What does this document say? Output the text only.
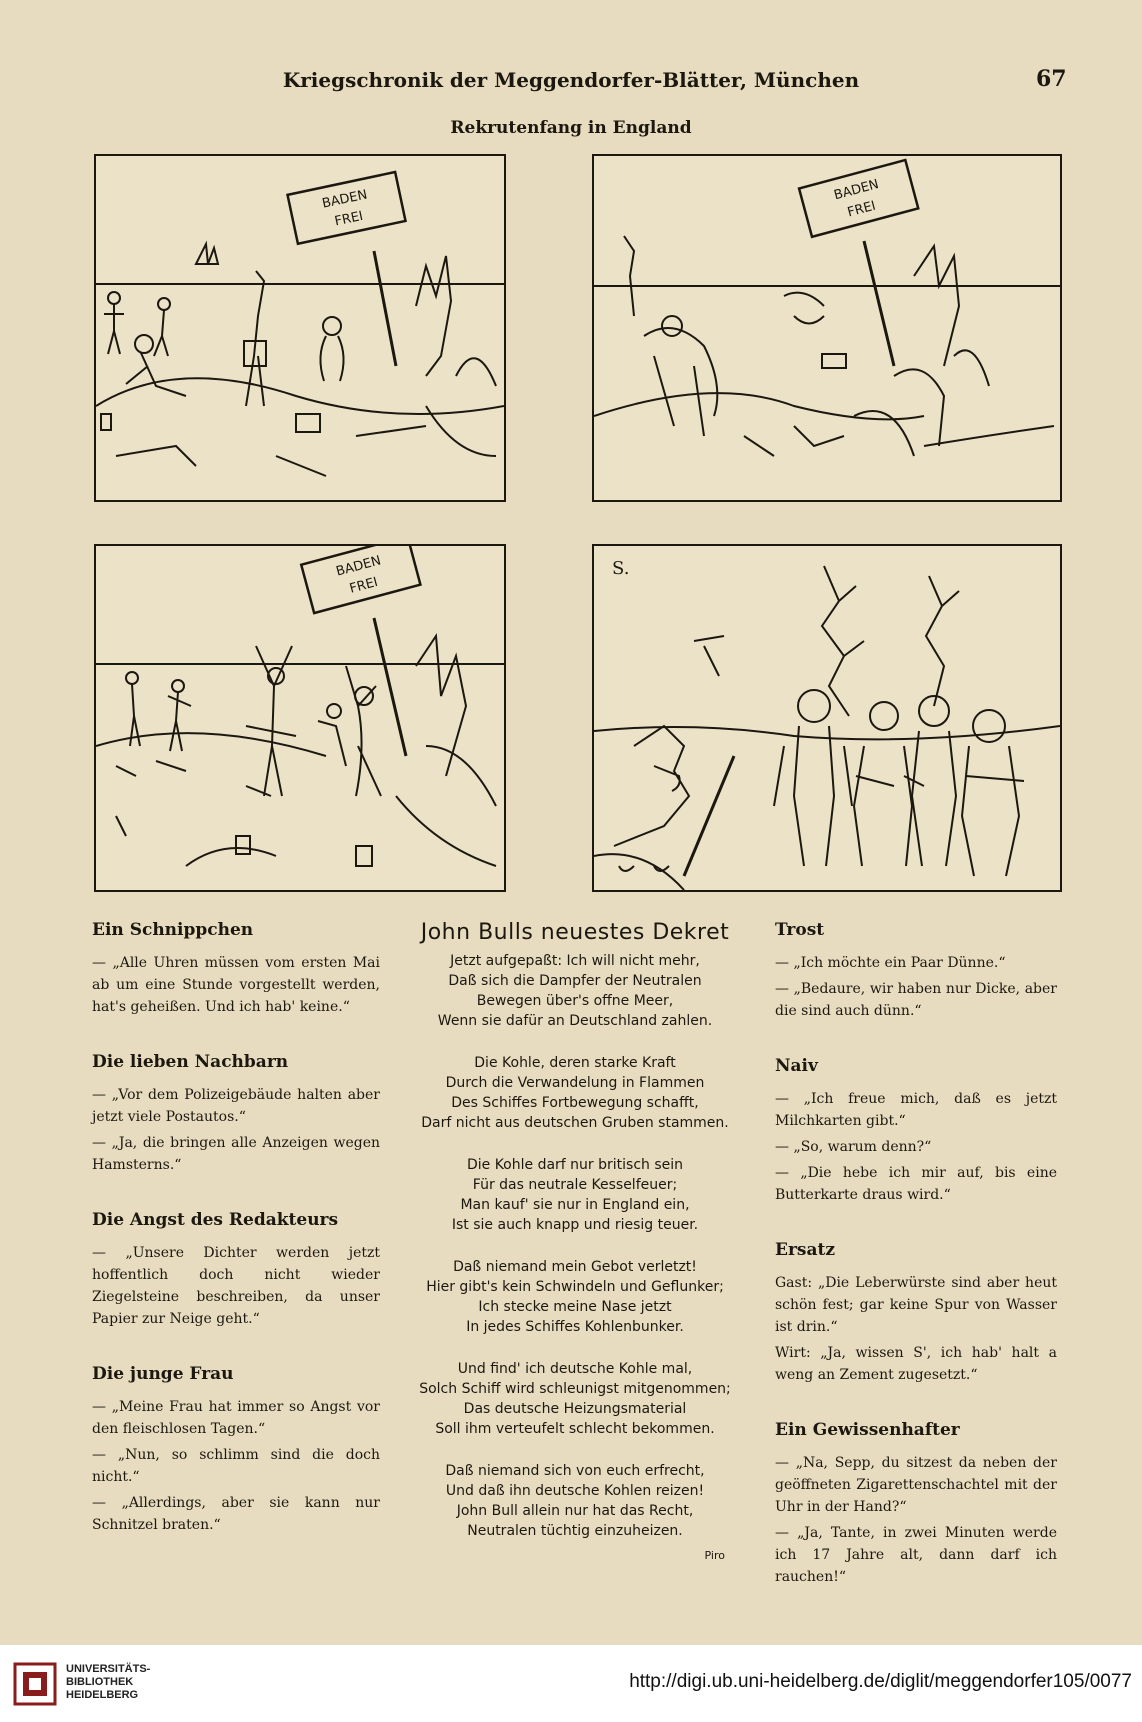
Kriegschronik der Meggendorfer-Blätter, München	67
Rekrutenfang in England
BADEN
FREI
BADEN
FREI
BADEN
FREI
S.
Ein Schnippchen

— „Alle Uhren müssen vom ersten Mai ab um eine Stunde vorgestellt werden, hat's geheißen. Und ich hab' keine.“

Die lieben Nachbarn

— „Vor dem Polizeigebäude halten aber jetzt viele Postautos.“

— „Ja, die bringen alle Anzeigen wegen Hamsterns.“

Die Angst des Redakteurs

— „Unsere Dichter werden jetzt hoffentlich doch nicht wieder Ziegelsteine beschreiben, da unser Papier zur Neige geht.“

Die junge Frau

— „Meine Frau hat immer so Angst vor den fleischlosen Tagen.“

— „Nun, so schlimm sind die doch nicht.“

— „Allerdings, aber sie kann nur Schnitzel braten.“

John Bulls neuestes Dekret
Jetzt aufgepaßt: Ich will nicht mehr,
Daß sich die Dampfer der Neutralen
Bewegen über's offne Meer,
Wenn sie dafür an Deutschland zahlen.
Die Kohle, deren starke Kraft
Durch die Verwandelung in Flammen
Des Schiffes Fortbewegung schafft,
Darf nicht aus deutschen Gruben stammen.
Die Kohle darf nur britisch sein
Für das neutrale Kesselfeuer;
Man kauf' sie nur in England ein,
Ist sie auch knapp und riesig teuer.
Daß niemand mein Gebot verletzt!
Hier gibt's kein Schwindeln und Geflunker;
Ich stecke meine Nase jetzt
In jedes Schiffes Kohlenbunker.
Und find' ich deutsche Kohle mal,
Solch Schiff wird schleunigst mitgenommen;
Das deutsche Heizungsmaterial
Soll ihm verteufelt schlecht bekommen.
Daß niemand sich von euch erfrecht,
Und daß ihn deutsche Kohlen reizen!
John Bull allein nur hat das Recht,
Neutralen tüchtig einzuheizen.
Piro
Trost

— „Ich möchte ein Paar Dünne.“

— „Bedaure, wir haben nur Dicke, aber die sind auch dünn.“

Naiv

— „Ich freue mich, daß es jetzt Milchkarten gibt.“

— „So, warum denn?“

— „Die hebe ich mir auf, bis eine Butterkarte draus wird.“

Ersatz

Gast: „Die Leberwürste sind aber heut schön fest; gar keine Spur von Wasser ist drin.“

Wirt: „Ja, wissen S', ich hab' halt a weng an Zement zugesetzt.“

Ein Gewissenhafter

— „Na, Sepp, du sitzest da neben der geöffneten Zigarettenschachtel mit der Uhr in der Hand?“

— „Ja, Tante, in zwei Minuten werde ich 17 Jahre alt, dann darf ich rauchen!“

UNIVERSITÄTS-
BIBLIOTHEK
HEIDELBERG
http://digi.ub.uni-heidelberg.de/diglit/meggendorfer105/0077
